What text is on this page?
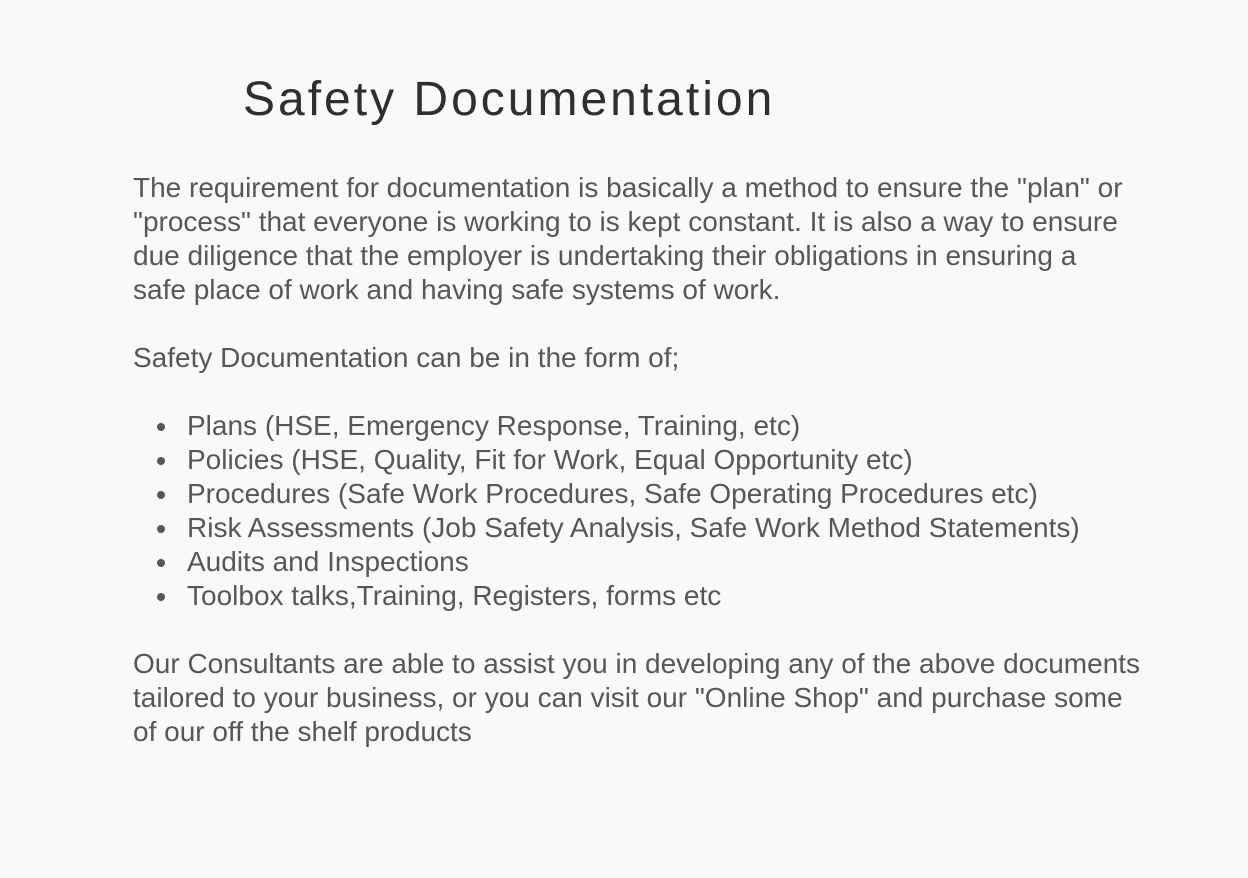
Safety Documentation

The requirement for documentation is basically a method to ensure the "plan" or "process" that everyone is working to is kept constant. It is also a way to ensure due diligence that the employer is undertaking their obligations in ensuring a safe place of work and having safe systems of work.

Safety Documentation can be in the form of;

Plans (HSE, Emergency Response, Training, etc)
Policies (HSE, Quality, Fit for Work, Equal Opportunity etc)
Procedures (Safe Work Procedures, Safe Operating Procedures etc)
Risk Assessments (Job Safety Analysis, Safe Work Method Statements)
Audits and Inspections
Toolbox talks,Training, Registers, forms etc

Our Consultants are able to assist you in developing any of the above documents tailored to your business, or you can visit our "Online Shop" and purchase some of our off the shelf products
